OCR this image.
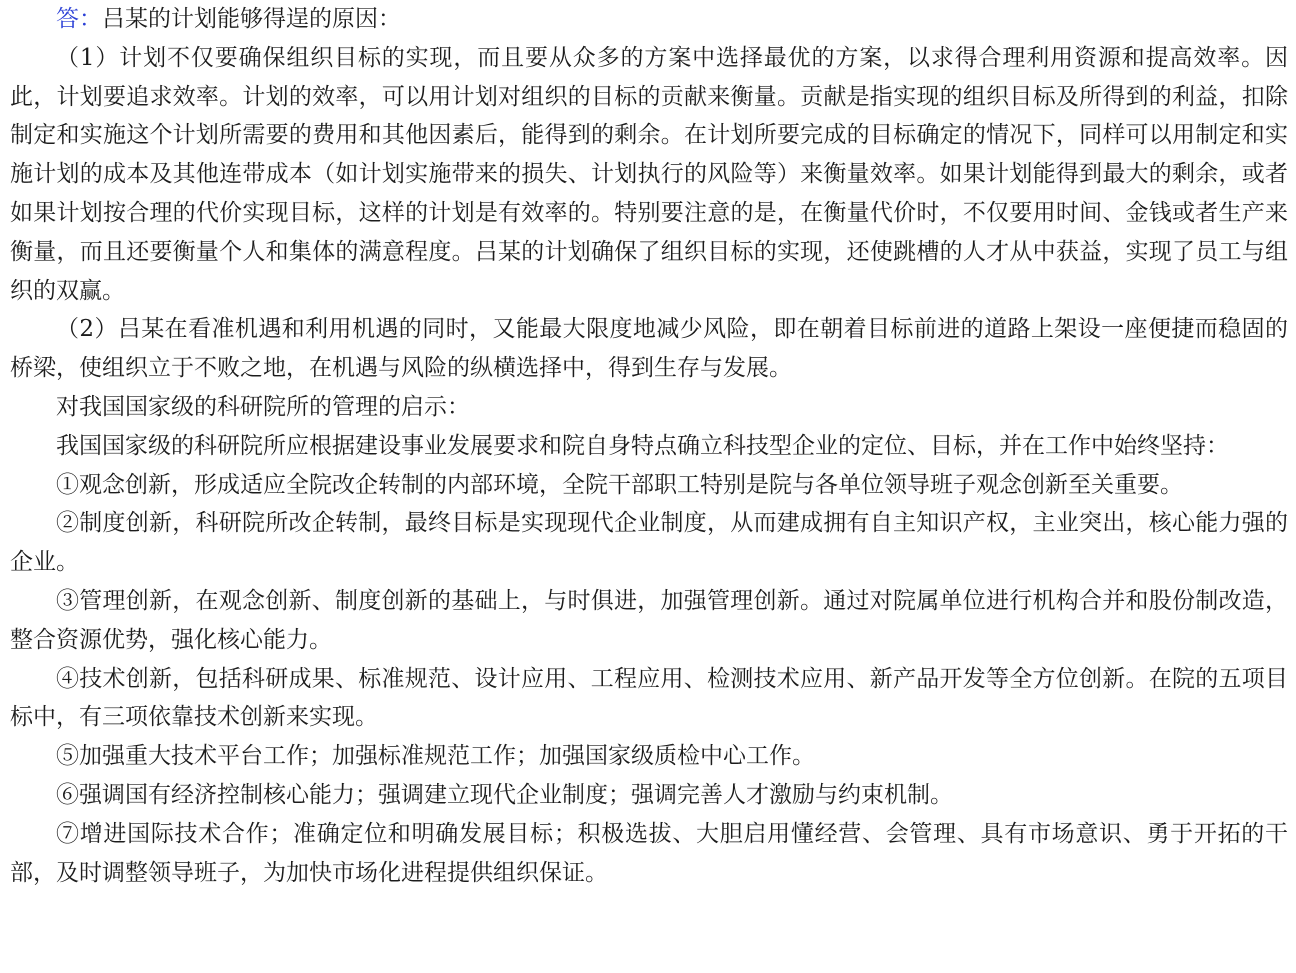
答：吕某的计划能够得逞的原因：

（1）计划不仅要确保组织目标的实现，而且要从众多的方案中选择最优的方案，以求得合理利用资源和提高效率。因此，计划要追求效率。计划的效率，可以用计划对组织的目标的贡献来衡量。贡献是指实现的组织目标及所得到的利益，扣除制定和实施这个计划所需要的费用和其他因素后，能得到的剩余。在计划所要完成的目标确定的情况下，同样可以用制定和实施计划的成本及其他连带成本（如计划实施带来的损失、计划执行的风险等）来衡量效率。如果计划能得到最大的剩余，或者如果计划按合理的代价实现目标，这样的计划是有效率的。特别要注意的是，在衡量代价时，不仅要用时间、金钱或者生产来衡量，而且还要衡量个人和集体的满意程度。吕某的计划确保了组织目标的实现，还使跳槽的人才从中获益，实现了员工与组织的双赢。

（2）吕某在看准机遇和利用机遇的同时，又能最大限度地减少风险，即在朝着目标前进的道路上架设一座便捷而稳固的桥梁，使组织立于不败之地，在机遇与风险的纵横选择中，得到生存与发展。

对我国国家级的科研院所的管理的启示：

我国国家级的科研院所应根据建设事业发展要求和院自身特点确立科技型企业的定位、目标，并在工作中始终坚持：

①观念创新，形成适应全院改企转制的内部环境，全院干部职工特别是院与各单位领导班子观念创新至关重要。

②制度创新，科研院所改企转制，最终目标是实现现代企业制度，从而建成拥有自主知识产权，主业突出，核心能力强的企业。

③管理创新，在观念创新、制度创新的基础上，与时俱进，加强管理创新。通过对院属单位进行机构合并和股份制改造，整合资源优势，强化核心能力。

④技术创新，包括科研成果、标准规范、设计应用、工程应用、检测技术应用、新产品开发等全方位创新。在院的五项目标中，有三项依靠技术创新来实现。

⑤加强重大技术平台工作；加强标准规范工作；加强国家级质检中心工作。

⑥强调国有经济控制核心能力；强调建立现代企业制度；强调完善人才激励与约束机制。

⑦增进国际技术合作；准确定位和明确发展目标；积极选拔、大胆启用懂经营、会管理、具有市场意识、勇于开拓的干部，及时调整领导班子，为加快市场化进程提供组织保证。
